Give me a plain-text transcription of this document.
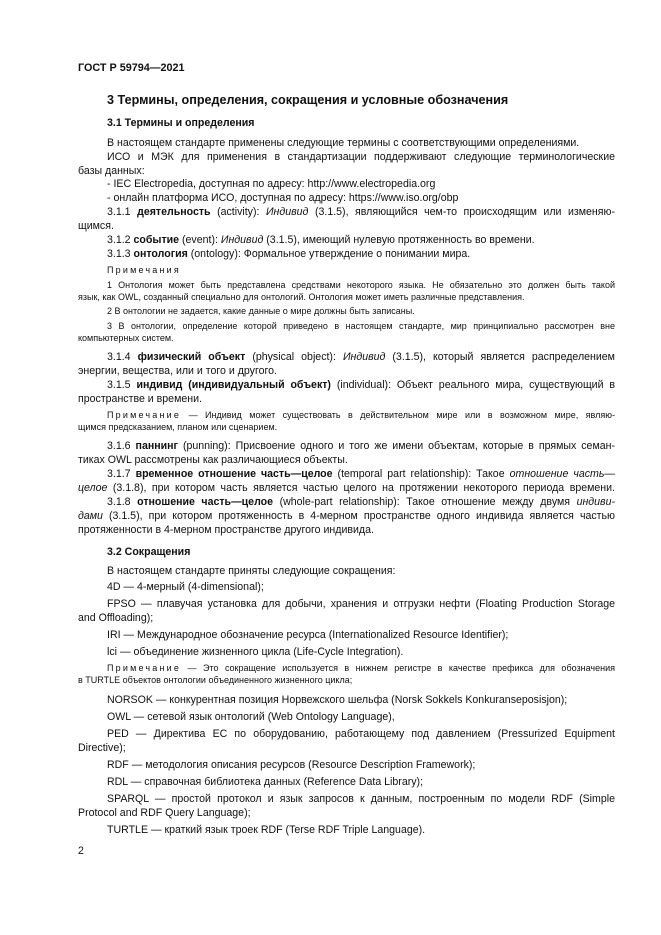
ГОСТ Р 59794—2021
3 Термины, определения, сокращения и условные обозначения
3.1 Термины и определения
В настоящем стандарте применены следующие термины с соответствующими определениями.
ИСО и МЭК для применения в стандартизации поддерживают следующие терминологические
базы данных:
- IEC Electropedia, доступная по адресу: http://www.electropedia.org
- онлайн платформа ИСО, доступная по адресу: https://www.iso.org/obp
3.1.1 деятельность (activity): Индивид (3.1.5), являющийся чем-то происходящим или изменяю-
щимся.
3.1.2 событие (event): Индивид (3.1.5), имеющий нулевую протяженность во времени.
3.1.3 онтология (ontology): Формальное утверждение о понимании мира.
Примечания
1 Онтология может быть представлена средствами некоторого языка. Не обязательно это должен быть такой
язык, как OWL, созданный специально для онтологий. Онтология может иметь различные представления.
2 В онтологии не задается, какие данные о мире должны быть записаны.
3 В онтологии, определение которой приведено в настоящем стандарте, мир принципиально рассмотрен вне
компьютерных систем.
3.1.4 физический объект (physical object): Индивид (3.1.5), который является распределением
энергии, вещества, или и того и другого.
3.1.5 индивид (индивидуальный объект) (individual): Объект реального мира, существующий в
пространстве и времени.
Примечание — Индивид может существовать в действительном мире или в возможном мире, являю-
щимся предсказанием, планом или сценарием.
3.1.6 паннинг (punning): Присвоение одного и того же имени объектам, которые в прямых семан-
тиках OWL рассмотрены как различающиеся объекты.
3.1.7 временное отношение часть—целое (temporal part relationship): Такое отношение часть—
целое (3.1.8), при котором часть является частью целого на протяжении некоторого периода времени.
3.1.8 отношение часть—целое (whole-part relationship): Такое отношение между двумя индиви-
дами (3.1.5), при котором протяженность в 4-мерном пространстве одного индивида является частью
протяженности в 4-мерном пространстве другого индивида.
3.2 Сокращения
В настоящем стандарте приняты следующие сокращения:
4D — 4-мерный (4-dimensional);
FPSO — плавучая установка для добычи, хранения и отгрузки нефти (Floating Production Storage
and Offloading);
IRI — Международное обозначение ресурса (Internationalized Resource Identifier);
lci — объединение жизненного цикла (Life-Cycle Integration).
Примечание — Это сокращение используется в нижнем регистре в качестве префикса для обозначения
в TURTLE объектов онтологии объединенного жизненного цикла;
NORSOK — конкурентная позиция Норвежского шельфа (Norsk Sokkels Konkuranseposisjon);
OWL — сетевой язык онтологий (Web Ontology Language),
PED — Директива ЕС по оборудованию, работающему под давлением (Pressurized Equipment
Directive);
RDF — методология описания ресурсов (Resource Description Framework);
RDL — справочная библиотека данных (Reference Data Library);
SPARQL — простой протокол и язык запросов к данным, построенным по модели RDF (Simple
Protocol and RDF Query Language);
TURTLE — краткий язык троек RDF (Terse RDF Triple Language).
2
